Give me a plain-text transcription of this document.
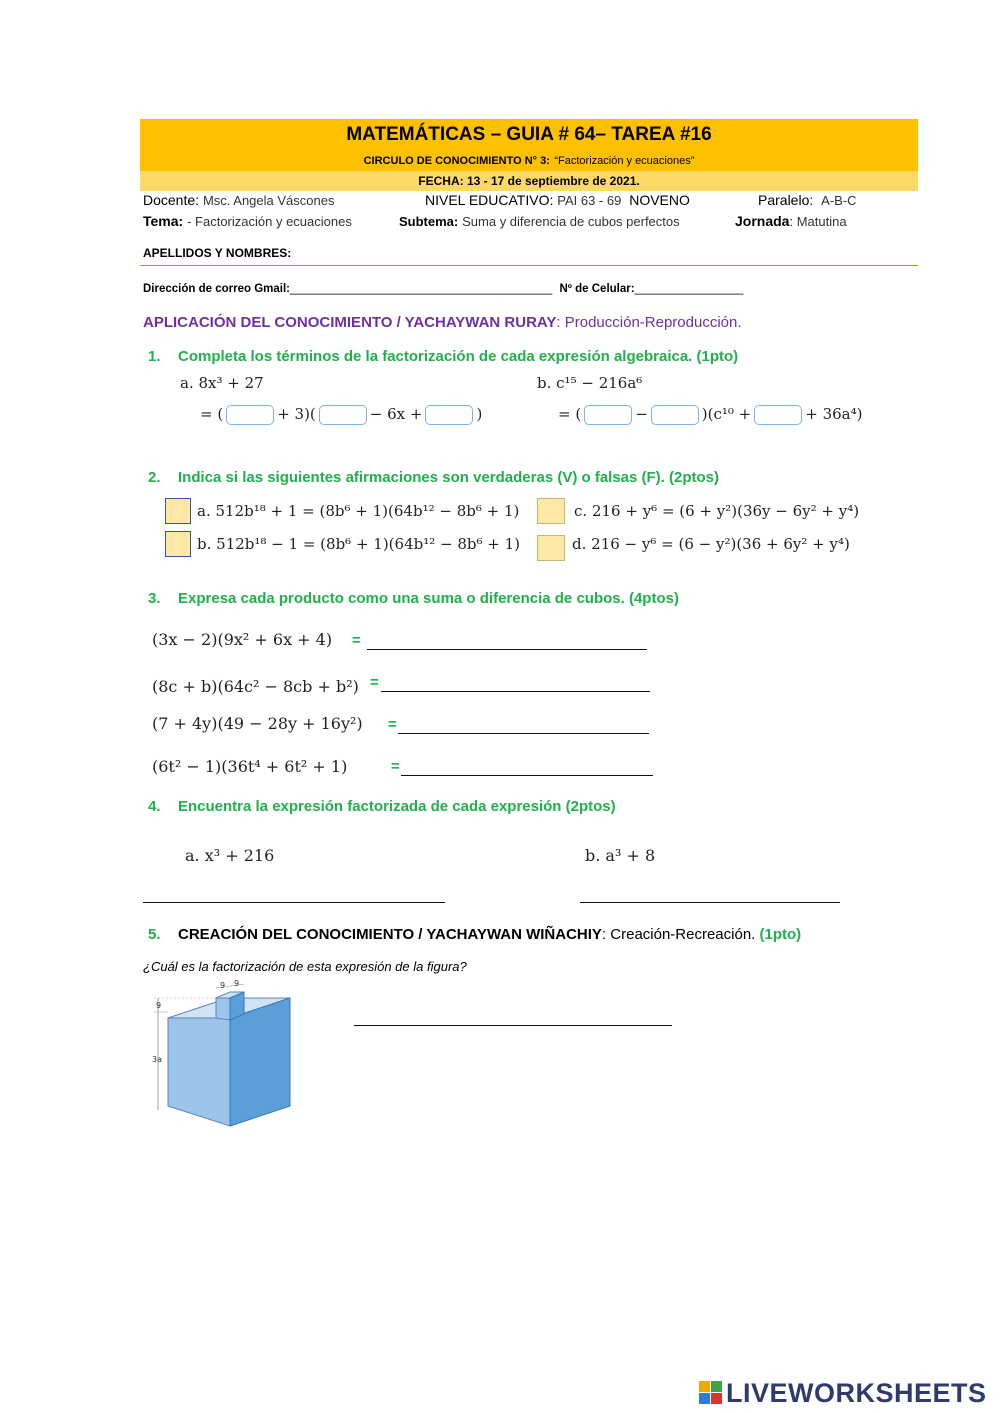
MATEMÁTICAS – GUIA # 64– TAREA #16
CIRCULO DE CONOCIMIENTO N° 3: “Factorización y ecuaciones”
FECHA: 13 - 17 de septiembre de 2021.
Docente: Msc. Angela Váscones	NIVEL EDUCATIVO: PAI 63 - 69 NOVENO	Paralelo: A-B-C
Tema: - Factorización y ecuaciones	Subtema: Suma y diferencia de cubos perfectos	Jornada: Matutina
APELLIDOS Y NOMBRES:
Dirección de correo Gmail:_________________________________________ Nº de Celular:_________________
APLICACIÓN DEL CONOCIMIENTO / YACHAYWAN RURAY: Producción-Reproducción.
1. Completa los términos de la factorización de cada expresión algebraica. (1pto)
a. 8x³ + 27
= (	+ 3)(	− 6x +	)
b. c¹⁵ − 216a⁶
= (	−	)(c¹⁰ +	+ 36a⁴)
2. Indica si las siguientes afirmaciones son verdaderas (V) o falsas (F). (2ptos)
a. 512b¹⁸ + 1 = (8b⁶ + 1)(64b¹² − 8b⁶ + 1)
b. 512b¹⁸ − 1 = (8b⁶ + 1)(64b¹² − 8b⁶ + 1)
c. 216 + y⁶ = (6 + y²)(36y − 6y² + y⁴)
d. 216 − y⁶ = (6 − y²)(36 + 6y² + y⁴)
3. Expresa cada producto como una suma o diferencia de cubos. (4ptos)
(3x − 2)(9x² + 6x + 4) =
(8c + b)(64c² − 8cb + b²) =
(7 + 4y)(49 − 28y + 16y²) =
(6t² − 1)(36t⁴ + 6t² + 1)	=
4. Encuentra la expresión factorizada de cada expresión (2ptos)
a. x³ + 216	b. a³ + 8
5. CREACIÓN DEL CONOCIMIENTO / YACHAYWAN WIÑACHIY: Creación-Recreación. (1pto)
¿Cuál es la factorización de esta expresión de la figura?
9
9 9
3a
LIVEWORKSHEETS
